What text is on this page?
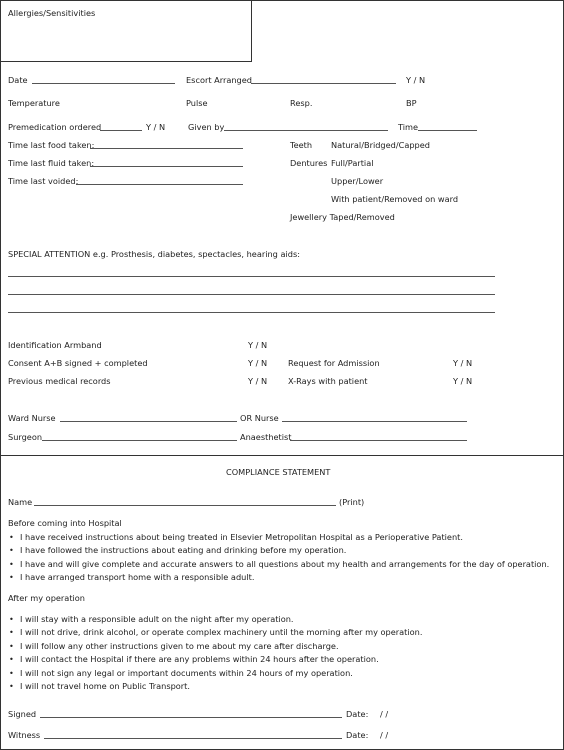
Allergies/Sensitivities
Date	Escort Arranged	Y / N
Temperature	Pulse	Resp.	BP
Premedication ordered	Y / N	Given by	Time
Time last food taken:
Time last fluid taken:
Time last voided:
Teeth Natural/Bridged/Capped
Dentures Full/Partial
Upper/Lower
With patient/Removed on ward
Jewellery Taped/Removed
SPECIAL ATTENTION e.g. Prosthesis, diabetes, spectacles, hearing aids:
Identification Armband	Y / N
Consent A+B signed + completed	Y / N	Request for Admission	Y / N
Previous medical records	Y / N	X-Rays with patient	Y / N
Ward Nurse	OR Nurse
Surgeon	Anaesthetist
COMPLIANCE STATEMENT
Name	(Print)
Before coming into Hospital
• I have received instructions about being treated in Elsevier Metropolitan Hospital as a Perioperative Patient.
• I have followed the instructions about eating and drinking before my operation.
• I have and will give complete and accurate answers to all questions about my health and arrangements for the day of operation.
• I have arranged transport home with a responsible adult.
After my operation
• I will stay with a responsible adult on the night after my operation.
• I will not drive, drink alcohol, or operate complex machinery until the morning after my operation.
• I will follow any other instructions given to me about my care after discharge.
• I will contact the Hospital if there are any problems within 24 hours after the operation.
• I will not sign any legal or important documents within 24 hours of my operation.
• I will not travel home on Public Transport.
Signed	Date: / /
Witness	Date: / /
